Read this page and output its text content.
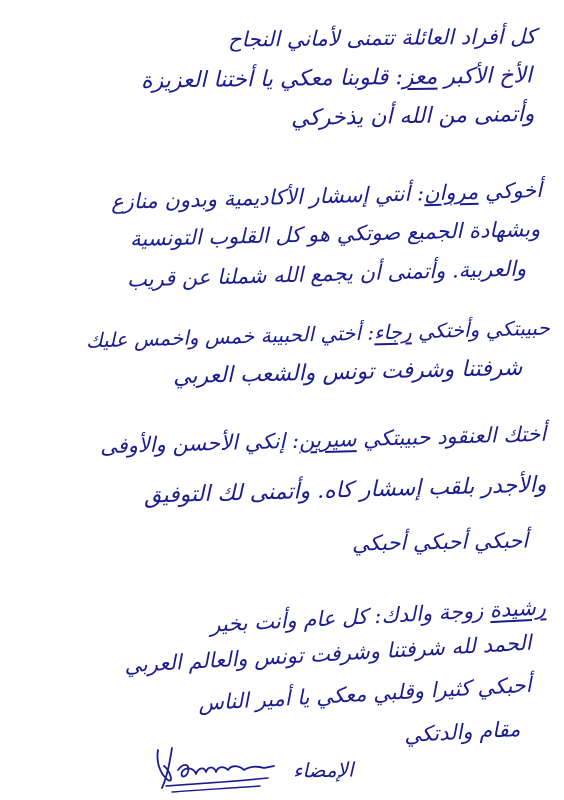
كل أفراد العائلة تتمنى لأماني النجاح
الأخ الأكبر معز: قلوبنا معكي يا أختنا العزيزة
وأتمنى من الله أن يذخركي
أخوكي مروان: أنتي إسشار الأكاديمية وبدون منازع
وبشهادة الجميع صوتكي هو كل القلوب التونسية
والعربية. وأتمنى أن يجمع الله شملنا عن قريب
حبيبتكي وأختكي رجاء: أختي الحبيبة خمس واخمس عليك
شرفتنا وشرفت تونس والشعب العربي
أختك العنقود حبيبتكي سيرين: إنكي الأحسن والأوفى
والأجدر بلقب إسشار كاه. وأتمنى لك التوفيق
أحبكي أحبكي أحبكي
رشيدة زوجة والدك: كل عام وأنت بخير
الحمد لله شرفتنا وشرفت تونس والعالم العربي
أحبكي كثيرا وقلبي معكي يا أمير الناس
مقام والدتكي
الإمضاء
